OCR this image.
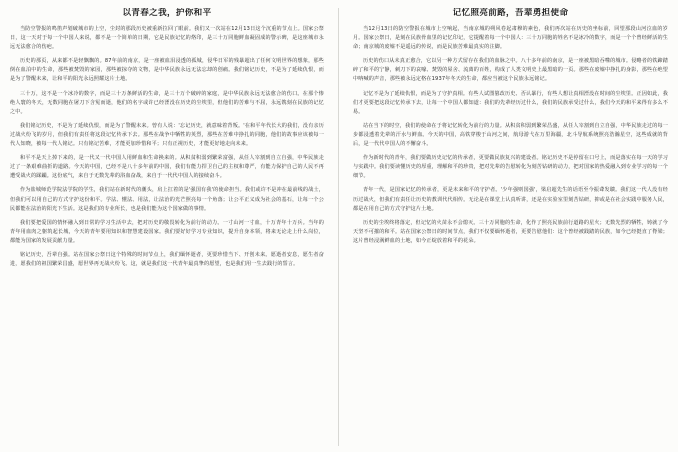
以青春之我，护你和平

当防空警报的鸣笛声划破城市的上空，尘封的那段历史被重新拉回了眼前。我们又一次站在12月13日这个沉重的节点上。国家公祭日，这一天对于每一个中国人来说，都不是一个简单的日期，它是民族记忆的烙印，是三十万同胞鲜血凝固成的警示碑，是这座城市永远无法愈合的伤疤。

历史的那页，从来都不是轻飘飘的。87年前的南京，是一座被血泪浸透的孤城，侵华日军的残暴超出了任何文明世界的想象，那些倒在血泊中的生命，那些被焚毁的家园，那些被掠夺的文物，是中华民族永远无法忘却的创痛。我们铭记历史，不是为了延续仇恨，而是为了警醒未来，让和平的阳光永远照耀这片土地。

三十万，这不是一个冰冷的数字，而是三十万条鲜活的生命，是三十万个破碎的家庭，是中华民族永远无法愈合的伤口。在那个惨绝人寰的冬天，无数同胞在屠刀下含冤而逝，他们的名字或许已经湮没在历史的尘埃里，但他们的苦难与不屈，永远镌刻在民族的记忆之中。

我们铭记历史，不是为了延续仇恨，而是为了警醒未来。曾有人说：'忘记历史，就意味着背叛。'在和平年代长大的我们，没有亲历过战火纷飞的岁月，但我们有责任将这段记忆传承下去。那些在战争中牺牲的英烈，那些在苦难中挣扎的同胞，他们的故事应该被每一代人知晓，被每一代人铭记。只有铭记苦难，才能更加珍惜和平；只有正视历史，才能更好地走向未来。

和平不是天上掉下来的，是一代又一代中国人用鲜血和生命换来的。从积贫积弱到繁荣富强，从任人宰割到自立自强，中华民族走过了一条艰难曲折的道路。今天的中国，已经不是八十多年前的中国，我们有能力捍卫自己的主权和尊严，有能力保护自己的人民不再遭受战火的蹂躏。这份底气，来自于无数先辈的浴血奋战，来自于一代代中国人的接续奋斗。

作为盐城师范学院法学院的学生，我们站在新时代的潮头，肩上扛着的是'强国有我'的使命担当。我们或许不是冲在最前线的战士，但我们可以用自己的方式守护这份和平。学法、懂法、用法，让法治的光芒照亮每一个角落；让公平正义成为社会的基石，让每一个公民都能在法治的阳光下生活。这是我们的专业所长，也是我们能为这个国家做的事情。

我们要把爱国的情怀融入到日常的学习生活中去，把对历史的敬畏转化为前行的动力。一寸山河一寸血，十万青年十万兵。当年的青年用血肉之躯筑起长城，今天的青年要用知识和智慧建设国家。我们要好好学习专业知识，提升自身本领，将来无论走上什么岗位，都能为国家的发展贡献力量。

铭记历史，吾辈自强。站在国家公祭日这个特殊的时间节点上，我们缅怀逝者，更要珍惜当下、开创未来。愿逝者安息，愿生者奋进，愿我们的祖国繁荣昌盛，愿世界再无战火纷飞。这，就是我们这一代青年最真挚的愿望，也是我们用一生去践行的誓言。

记忆照亮前路，吾辈勇担使命

当12月13日的防空警报在城市上空响起，当南京城的朔风卷起肃穆的素色，我们再次站在历史的坐标前，回望那段山河泣血的岁月。国家公祭日，是刻在民族骨血里的记忆印记，它提醒着每一个中国人：三十万同胞的姓名不是冰冷的数字，而是一个个曾经鲜活的生命；南京城的废墟不是遥远的传说，而是民族苦难最真实的注脚。

历史的伤口从未真正愈合，它以另一种方式留存在我们的血脉之中。八十多年前的南京，是一座被黑暗吞噬的城市。侵略者的铁蹄踏碎了和平的宁静，刺刀下的哀嚎、焚毁的屋舍、流离的百姓，构成了人类文明史上最黑暗的一页。那些在废墟中挣扎的身影，那些在绝望中呐喊的声音，那些被永远定格在1937年冬天的生命，都应当被这个民族永远铭记。

记忆不是为了延续仇恨，而是为了守护真相。有些人试图篡改历史、否认暴行，有些人想让真相湮没在时间的尘埃里。正因如此，我们才更要把这段记忆传承下去，让每一个中国人都知道：我们的先辈经历过什么，我们的民族承受过什么，我们今天的和平来得有多么不易。

站在当下的时空，我们的使命在于将记忆转化为前行的力量。从积贫积弱到繁荣昌盛，从任人宰割到自立自强，中华民族走过的每一步都浸透着先辈的汗水与鲜血。今天的中国，高铁穿梭于山河之间，航母游弋在万里海疆，北斗导航系统照亮浩瀚星空，这些成就的背后，是一代代中国人的不懈奋斗。

作为新时代的青年，我们要做历史记忆的传承者，更要做民族复兴的建设者。铭记历史不是停留在口号上，而是落实在每一天的学习与实践中。我们要读懂历史的厚重，理解和平的珍贵，把对先辈的告慰转化为刻苦钻研的动力，把对国家的热爱融入到专业学习的每一个细节。

青年一代，是国家记忆的传承者，更是未来和平的守护者。'少年强则国强'，梁启超先生的话语至今振聋发聩。我们这一代人没有经历过战火，但我们有责任让历史的教训代代相传。无论是在课堂上认真听讲，还是在实验室里刻苦钻研，抑或是在社会实践中服务人民，都是在用自己的方式守护这片土地。

历史的尘埃终将落定，但记忆的火苗永不会熄灭。三十万同胞的生命，化作了照亮民族前行道路的星火；无数先烈的牺牲，铸就了今天坚不可摧的和平。站在国家公祭日的时间节点，我们不仅要缅怀逝者，更要告慰他们：这个曾经被践踏的民族，如今已经挺直了脊梁；这片曾经浸满鲜血的土地，如今正绽放着和平的花朵。
